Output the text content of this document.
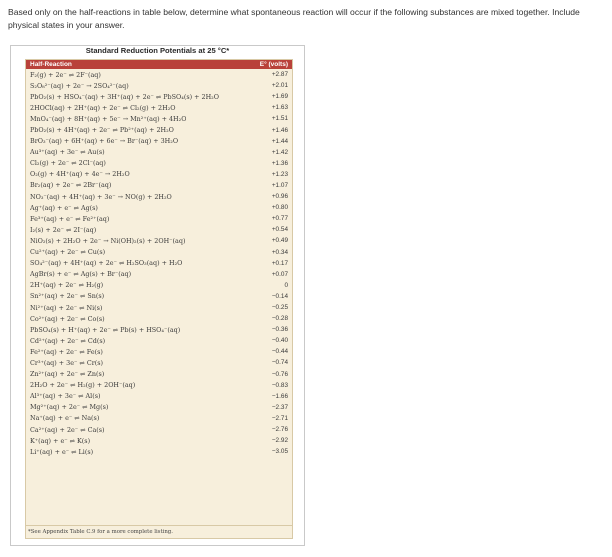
Based only on the half-reactions in table below, determine what spontaneous reaction will occur if the following substances are mixed together. Include physical states in your answer.
Standard Reduction Potentials at 25 °C*
Half-Reaction	E° (volts)
F₂(g) + 2e⁻ ⇌ 2F⁻(aq)	+2.87
S₂O₈²⁻(aq) + 2e⁻ → 2SO₄²⁻(aq)	+2.01
PbO₂(s) + HSO₄⁻(aq) + 3H⁺(aq) + 2e⁻ ⇌ PbSO₄(s) + 2H₂O	+1.69
2HOCl(aq) + 2H⁺(aq) + 2e⁻ ⇌ Cl₂(g) + 2H₂O	+1.63
MnO₄⁻(aq) + 8H⁺(aq) + 5e⁻ → Mn²⁺(aq) + 4H₂O	+1.51
PbO₂(s) + 4H⁺(aq) + 2e⁻ ⇌ Pb²⁺(aq) + 2H₂O	+1.46
BrO₃⁻(aq) + 6H⁺(aq) + 6e⁻ → Br⁻(aq) + 3H₂O	+1.44
Au³⁺(aq) + 3e⁻ ⇌ Au(s)	+1.42
Cl₂(g) + 2e⁻ ⇌ 2Cl⁻(aq)	+1.36
O₂(g) + 4H⁺(aq) + 4e⁻ → 2H₂O	+1.23
Br₂(aq) + 2e⁻ ⇌ 2Br⁻(aq)	+1.07
NO₃⁻(aq) + 4H⁺(aq) + 3e⁻ → NO(g) + 2H₂O	+0.96
Ag⁺(aq) + e⁻ ⇌ Ag(s)	+0.80
Fe³⁺(aq) + e⁻ ⇌ Fe²⁺(aq)	+0.77
I₂(s) + 2e⁻ ⇌ 2I⁻(aq)	+0.54
NiO₂(s) + 2H₂O + 2e⁻ → Ni(OH)₂(s) + 2OH⁻(aq)	+0.49
Cu²⁺(aq) + 2e⁻ ⇌ Cu(s)	+0.34
SO₄²⁻(aq) + 4H⁺(aq) + 2e⁻ ⇌ H₂SO₃(aq) + H₂O	+0.17
AgBr(s) + e⁻ ⇌ Ag(s) + Br⁻(aq)	+0.07
2H⁺(aq) + 2e⁻ ⇌ H₂(g)	0
Sn²⁺(aq) + 2e⁻ ⇌ Sn(s)	−0.14
Ni²⁺(aq) + 2e⁻ ⇌ Ni(s)	−0.25
Co²⁺(aq) + 2e⁻ ⇌ Co(s)	−0.28
PbSO₄(s) + H⁺(aq) + 2e⁻ ⇌ Pb(s) + HSO₄⁻(aq)	−0.36
Cd²⁺(aq) + 2e⁻ ⇌ Cd(s)	−0.40
Fe²⁺(aq) + 2e⁻ ⇌ Fe(s)	−0.44
Cr³⁺(aq) + 3e⁻ ⇌ Cr(s)	−0.74
Zn²⁺(aq) + 2e⁻ ⇌ Zn(s)	−0.76
2H₂O + 2e⁻ ⇌ H₂(g) + 2OH⁻(aq)	−0.83
Al³⁺(aq) + 3e⁻ ⇌ Al(s)	−1.66
Mg²⁺(aq) + 2e⁻ ⇌ Mg(s)	−2.37
Na⁺(aq) + e⁻ ⇌ Na(s)	−2.71
Ca²⁺(aq) + 2e⁻ ⇌ Ca(s)	−2.76
K⁺(aq) + e⁻ ⇌ K(s)	−2.92
Li⁺(aq) + e⁻ ⇌ Li(s)	−3.05
*See Appendix Table C.9 for a more complete listing.
